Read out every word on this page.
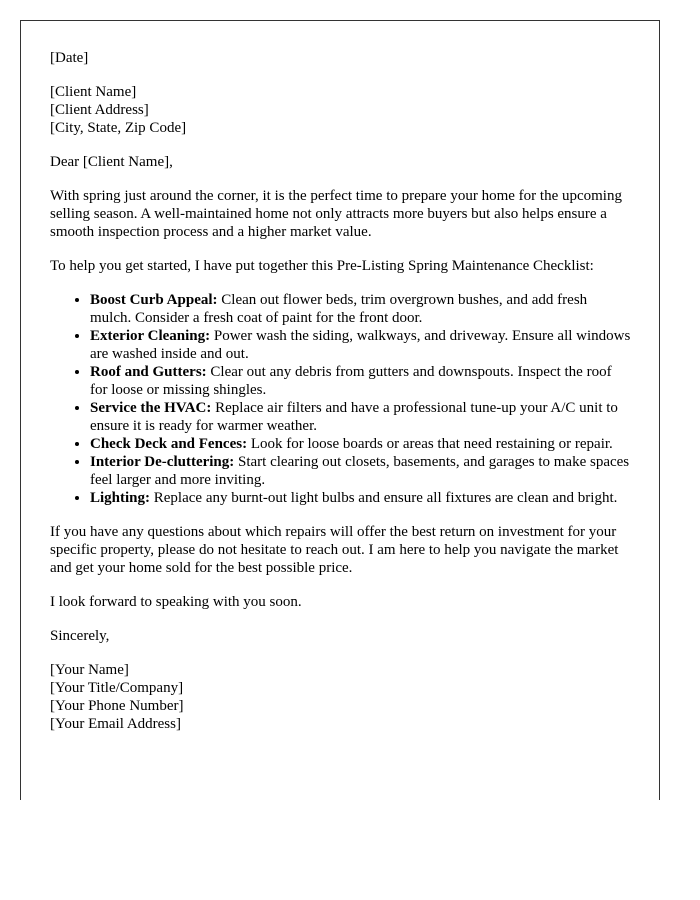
[Date]

[Client Name]
[Client Address]
[City, State, Zip Code]

Dear [Client Name],

With spring just around the corner, it is the perfect time to prepare your home for the upcoming selling season. A well-maintained home not only attracts more buyers but also helps ensure a smooth inspection process and a higher market value.

To help you get started, I have put together this Pre-Listing Spring Maintenance Checklist:

• Boost Curb Appeal: Clean out flower beds, trim overgrown bushes, and add fresh mulch. Consider a fresh coat of paint for the front door.
• Exterior Cleaning: Power wash the siding, walkways, and driveway. Ensure all windows are washed inside and out.
• Roof and Gutters: Clear out any debris from gutters and downspouts. Inspect the roof for loose or missing shingles.
• Service the HVAC: Replace air filters and have a professional tune-up your A/C unit to ensure it is ready for warmer weather.
• Check Deck and Fences: Look for loose boards or areas that need restaining or repair.
• Interior De-cluttering: Start clearing out closets, basements, and garages to make spaces feel larger and more inviting.
• Lighting: Replace any burnt-out light bulbs and ensure all fixtures are clean and bright.

If you have any questions about which repairs will offer the best return on investment for your specific property, please do not hesitate to reach out. I am here to help you navigate the market and get your home sold for the best possible price.

I look forward to speaking with you soon.

Sincerely,

[Your Name]
[Your Title/Company]
[Your Phone Number]
[Your Email Address]
